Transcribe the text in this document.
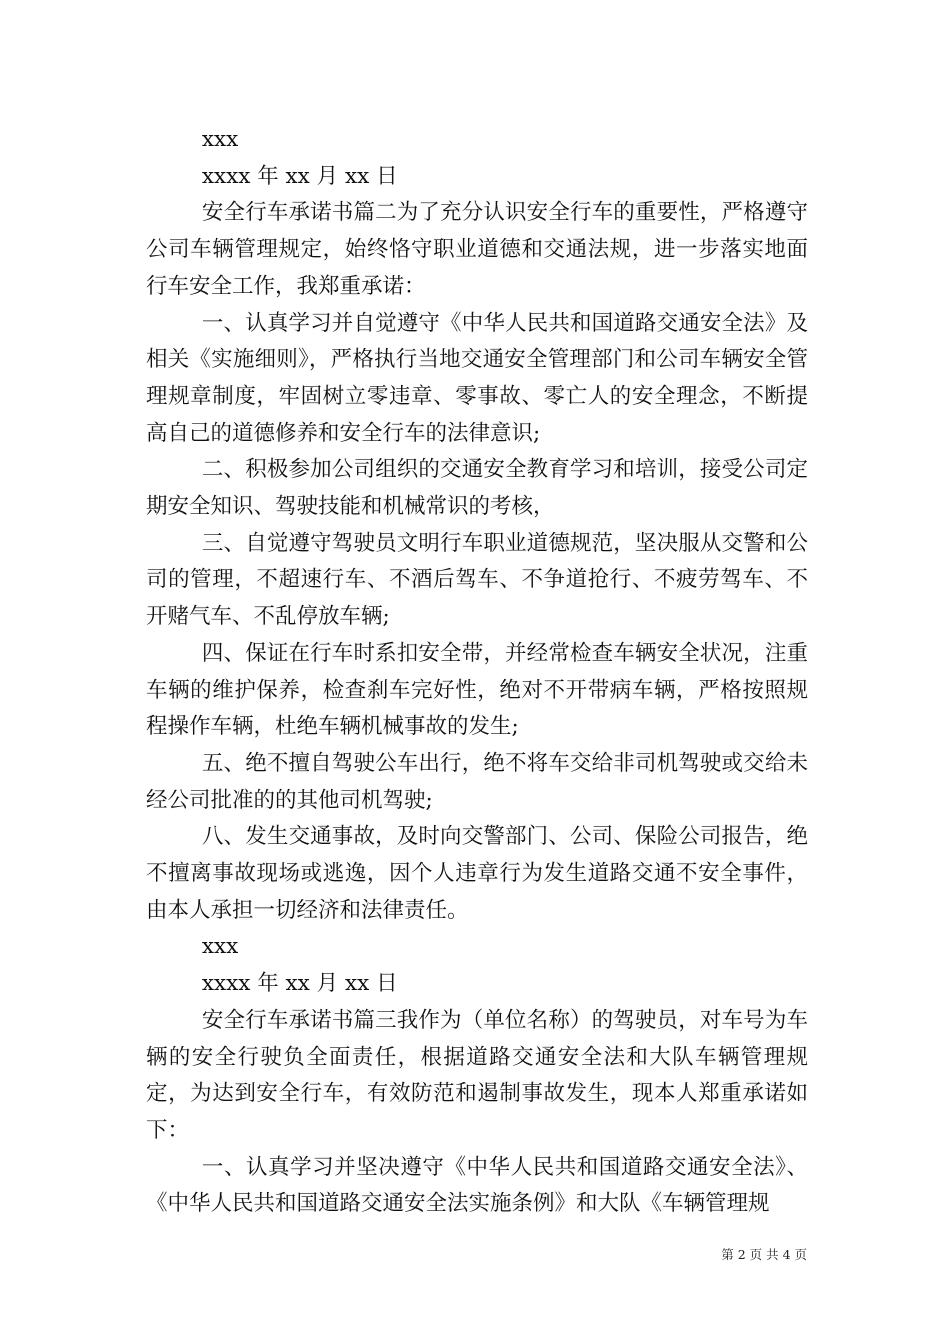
xxx

xxxx 年 xx 月 xx 日

安全行车承诺书篇二为了充分认识安全行车的重要性，严格遵守公司车辆管理规定，始终恪守职业道德和交通法规，进一步落实地面行车安全工作，我郑重承诺：

一、认真学习并自觉遵守《中华人民共和国道路交通安全法》及相关《实施细则》，严格执行当地交通安全管理部门和公司车辆安全管理规章制度，牢固树立零违章、零事故、零亡人的安全理念，不断提高自己的道德修养和安全行车的法律意识;

二、积极参加公司组织的交通安全教育学习和培训，接受公司定期安全知识、驾驶技能和机械常识的考核，

三、自觉遵守驾驶员文明行车职业道德规范，坚决服从交警和公司的管理，不超速行车、不酒后驾车、不争道抢行、不疲劳驾车、不开赌气车、不乱停放车辆;

四、保证在行车时系扣安全带，并经常检查车辆安全状况，注重车辆的维护保养，检查刹车完好性，绝对不开带病车辆，严格按照规程操作车辆，杜绝车辆机械事故的发生;

五、绝不擅自驾驶公车出行，绝不将车交给非司机驾驶或交给未经公司批准的的其他司机驾驶;

八、发生交通事故，及时向交警部门、公司、保险公司报告，绝不擅离事故现场或逃逸，因个人违章行为发生道路交通不安全事件，由本人承担一切经济和法律责任。

xxx

xxxx 年 xx 月 xx 日

安全行车承诺书篇三我作为（单位名称）的驾驶员，对车号为车辆的安全行驶负全面责任，根据道路交通安全法和大队车辆管理规定，为达到安全行车，有效防范和遏制事故发生，现本人郑重承诺如下：

一、认真学习并坚决遵守《中华人民共和国道路交通安全法》、《中华人民共和国道路交通安全法实施条例》和大队《车辆管理规

第 2 页 共 4 页
